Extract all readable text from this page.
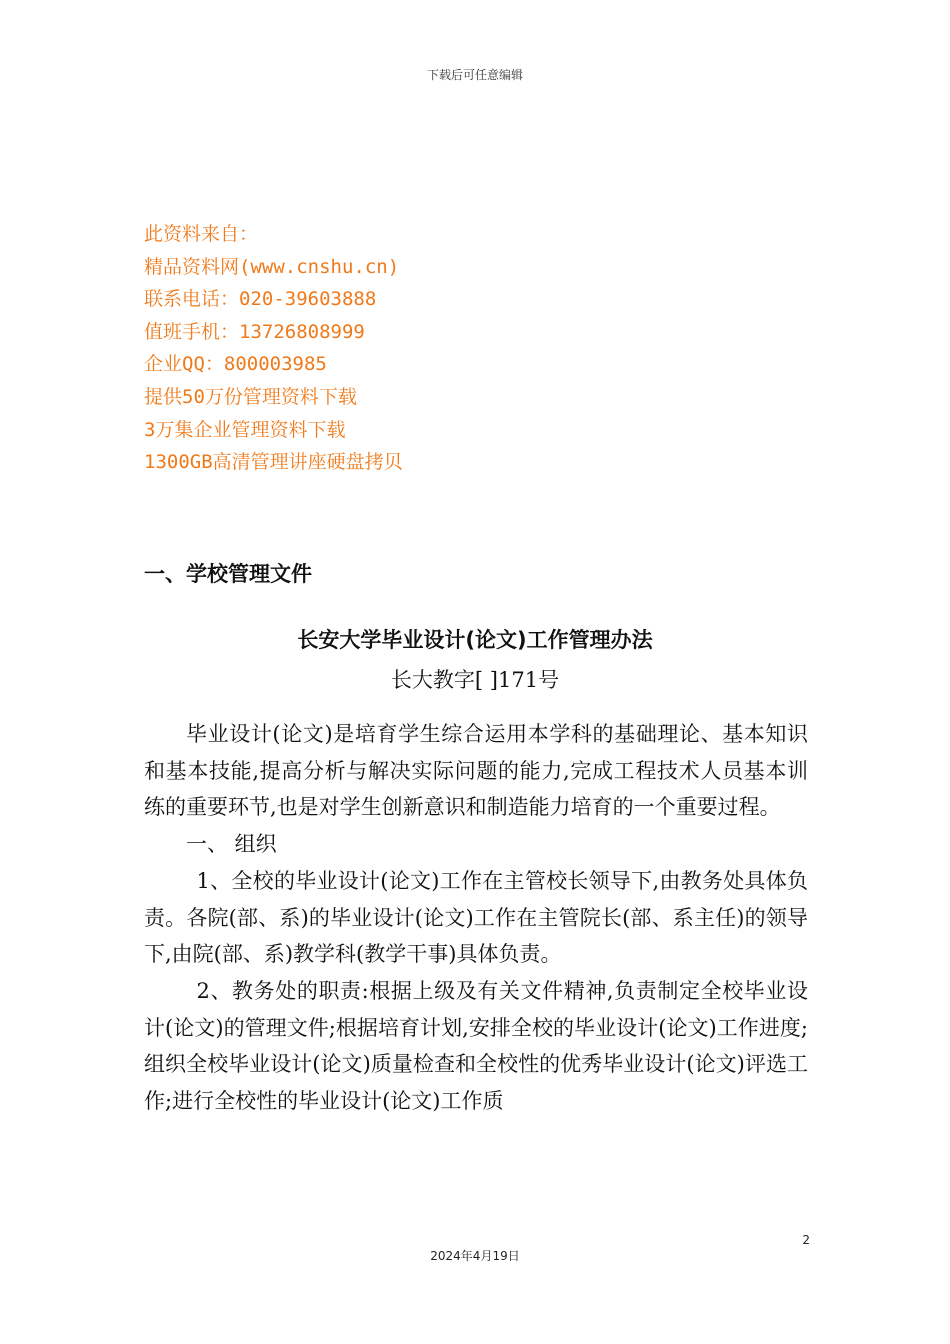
下载后可任意编辑
此资料来自：
精品资料网(www.cnshu.cn)
联系电话：020-39603888
值班手机：13726808999
企业QQ：800003985
提供50万份管理资料下载
3万集企业管理资料下载
1300GB高清管理讲座硬盘拷贝
一、学校管理文件
长安大学毕业设计(论文)工作管理办法
长大教字[ ]171号

毕业设计(论文)是培育学生综合运用本学科的基础理论、基本知识和基本技能,提高分析与解决实际问题的能力,完成工程技术人员基本训练的重要环节,也是对学生创新意识和制造能力培育的一个重要过程。

一、 组织

1、全校的毕业设计(论文)工作在主管校长领导下,由教务处具体负责。各院(部、系)的毕业设计(论文)工作在主管院长(部、系主任)的领导下,由院(部、系)教学科(教学干事)具体负责。

2、教务处的职责:根据上级及有关文件精神,负责制定全校毕业设计(论文)的管理文件;根据培育计划,安排全校的毕业设计(论文)工作进度;组织全校毕业设计(论文)质量检查和全校性的优秀毕业设计(论文)评选工作;进行全校性的毕业设计(论文)工作质

2
2024年4月19日
